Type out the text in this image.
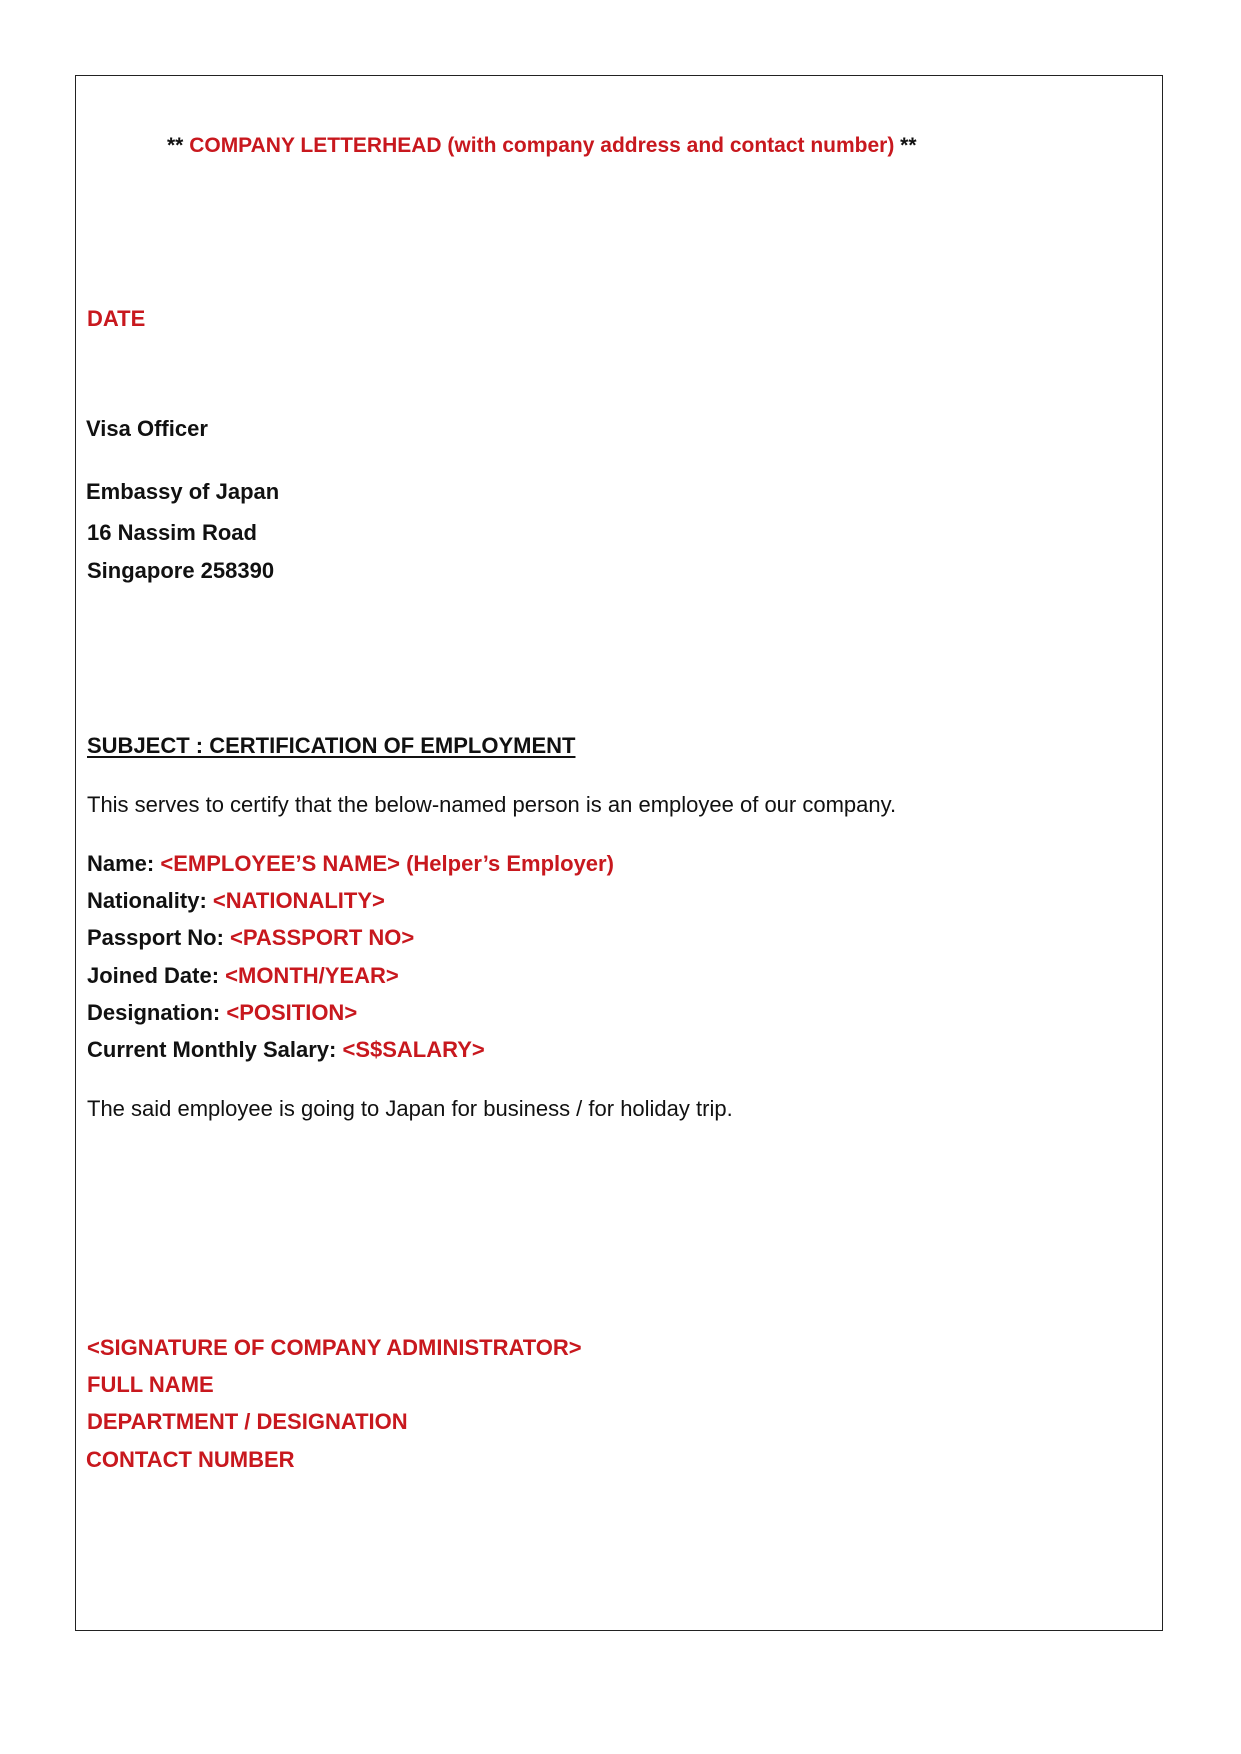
** COMPANY LETTERHEAD (with company address and contact number) **
DATE
Visa Officer
Embassy of Japan
16 Nassim Road
Singapore 258390
SUBJECT : CERTIFICATION OF EMPLOYMENT
This serves to certify that the below-named person is an employee of our company.
Name: <EMPLOYEE’S NAME> (Helper’s Employer)
Nationality: <NATIONALITY>
Passport No: <PASSPORT NO>
Joined Date: <MONTH/YEAR>
Designation: <POSITION>
Current Monthly Salary: <S$SALARY>
The said employee is going to Japan for business / for holiday trip.
<SIGNATURE OF COMPANY ADMINISTRATOR>
FULL NAME
DEPARTMENT / DESIGNATION
CONTACT NUMBER
